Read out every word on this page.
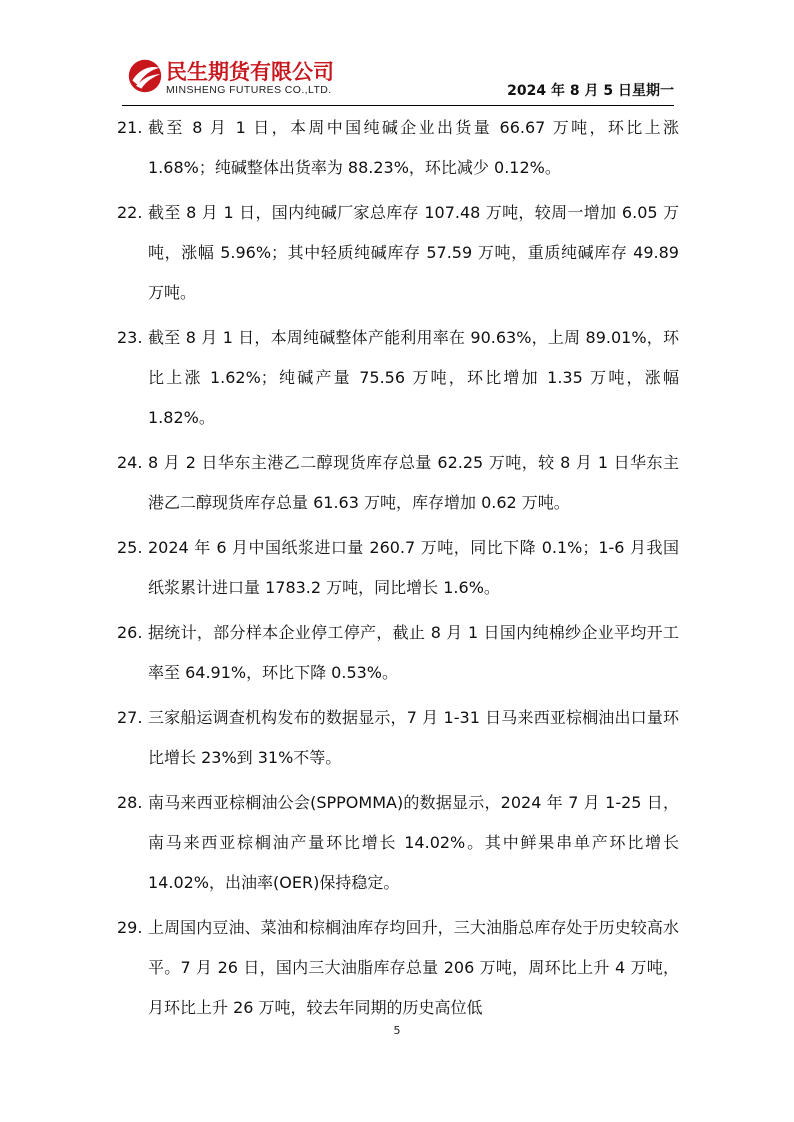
民生期货有限公司
MINSHENG FUTURES CO.,LTD.	2024 年 8 月 5 日星期一
21. 截至 8 月 1 日，本周中国纯碱企业出货量 66.67 万吨，环比上涨 1.68%；纯碱整体出货率为 88.23%，环比减少 0.12%。
22. 截至 8 月 1 日，国内纯碱厂家总库存 107.48 万吨，较周一增加 6.05 万吨，涨幅 5.96%；其中轻质纯碱库存 57.59 万吨，重质纯碱库存 49.89 万吨。
23. 截至 8 月 1 日，本周纯碱整体产能利用率在 90.63%，上周 89.01%，环比上涨 1.62%；纯碱产量 75.56 万吨，环比增加 1.35 万吨，涨幅 1.82%。
24. 8 月 2 日华东主港乙二醇现货库存总量 62.25 万吨，较 8 月 1 日华东主港乙二醇现货库存总量 61.63 万吨，库存增加 0.62 万吨。
25. 2024 年 6 月中国纸浆进口量 260.7 万吨，同比下降 0.1%；1-6 月我国纸浆累计进口量 1783.2 万吨，同比增长 1.6%。
26. 据统计，部分样本企业停工停产，截止 8 月 1 日国内纯棉纱企业平均开工率至 64.91%，环比下降 0.53%。
27. 三家船运调查机构发布的数据显示，7 月 1-31 日马来西亚棕榈油出口量环比增长 23%到 31%不等。
28. 南马来西亚棕榈油公会(SPPOMMA)的数据显示，2024 年 7 月 1-25 日，南马来西亚棕榈油产量环比增长 14.02%。其中鲜果串单产环比增长 14.02%，出油率(OER)保持稳定。
29. 上周国内豆油、菜油和棕榈油库存均回升，三大油脂总库存处于历史较高水平。7 月 26 日，国内三大油脂库存总量 206 万吨，周环比上升 4 万吨，月环比上升 26 万吨，较去年同期的历史高位低
5
